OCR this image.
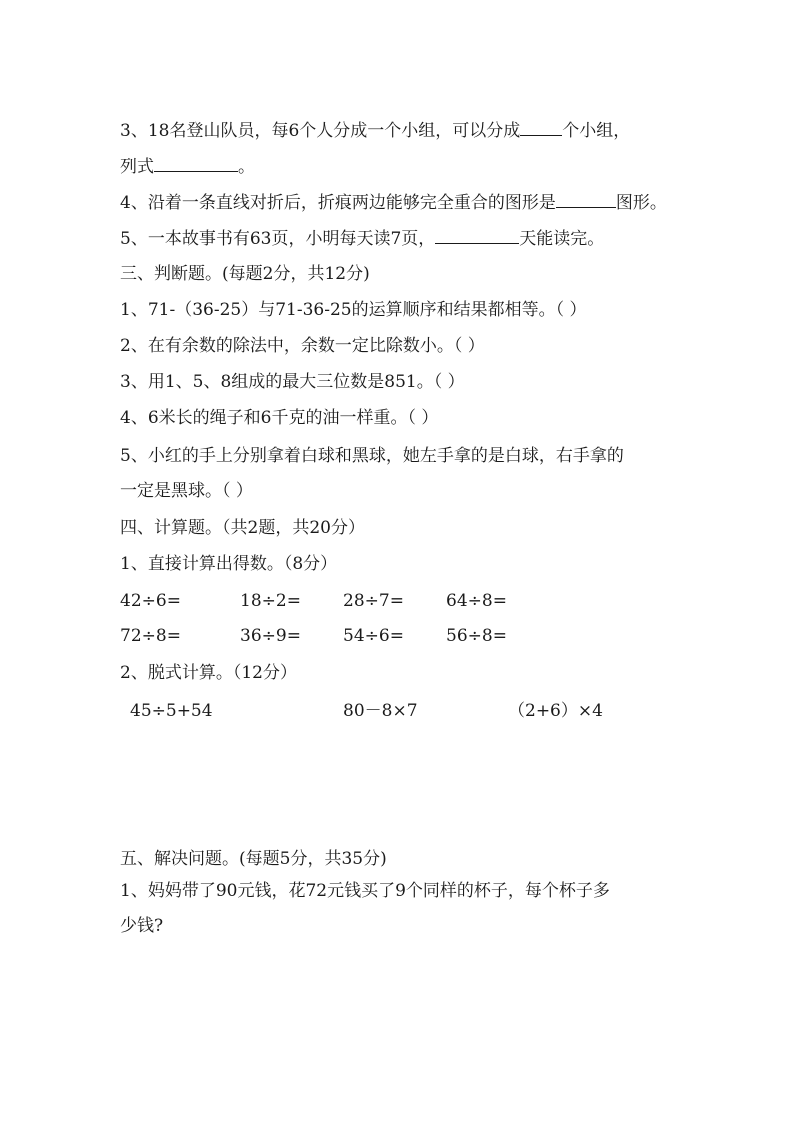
3、18名登山队员，每6个人分成一个小组，可以分成 个小组，
列式	。
4、沿着一条直线对折后，折痕两边能够完全重合的图形是	图形。
5、一本故事书有63页，小明每天读7页，	天能读完。
三、判断题。(每题2分，共12分)
1、71-（36-25）与71-36-25的运算顺序和结果都相等。（ ）
2、在有余数的除法中，余数一定比除数小。（ ）
3、用1、5、8组成的最大三位数是851。（ ）
4、6米长的绳子和6千克的油一样重。（ ）
5、小红的手上分别拿着白球和黑球，她左手拿的是白球，右手拿的
一定是黑球。（ ）
四、计算题。（共2题，共20分）
1、直接计算出得数。（8分）
42÷6=	18÷2= 28÷7= 64÷8=
72÷8=	36÷9= 54÷6= 56÷8=
2、脱式计算。（12分）
45÷5+54	80－8×7	（2+6）×4
五、解决问题。(每题5分，共35分)
1、妈妈带了90元钱，花72元钱买了9个同样的杯子，每个杯子多
少钱?
